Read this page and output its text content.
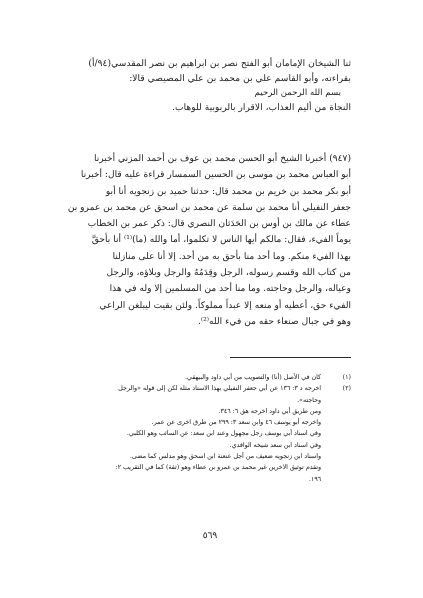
ثنا الشيخان الإمامان أبو الفتح نصر بن ابراهيم بن نصر المقدسي(٩٤/أ)
بقراءته، وأبو القاسم علي بن محمد بن علي المصيصي قالا:
بسم الله الرحمن الرحيم
النجاة من أليم العذاب، الاقرار بالربوبية للوهاب.
(٩٤٧) أخبرنا الشيخ أبو الحسن محمد بن عوف بن أحمد المزني أخبرنا
أبو العباس محمد بن موسى بن الحسين السمسار قراءة عليه قال: أخبرنا
أبو بكر محمد بن خريم بن محمد قال: حدثنا حميد بن زنجويه أنا أبو
جعفر النفيلي أنا محمد بن سلمة عن محمد بن اسحق عن محمد بن عمرو بن
عطاء عن مالك بن أوس بن الحَدَثان النصري قال: ذكر عمر بن الخطاب
يوماً الفيء، فقال: مالكم أيها الناس لا تكلموا، أما والله (ما)⁽¹⁾ أنا بأحقَّ
بهذا الفيء منكم. وما أحد منا بأحق به من أحد. إلا أنا على منازلنا
من كتاب الله وقسم رسوله، الرجل وقِدَمُهُ والرجل وبلاؤه، والرجل
وعياله، والرجل وحاجته. وما منا أحد من المسلمين إلا وله في هذا
الفيء حق، أعطيه أو منعه إلا عبداً مملوكاً. ولئن بقيت ليبلغن الراعي
وهو في جبال صنعاء حقه من فيء الله⁽²⁾.
(١)
كان في الأصل (أنا) والتصويب من أبي داود والبيهقي.
(٢)
اخرجه د ٣: ١٣٦ عن أبي جعفر النفيلي بهذا الاسناد مثله لكن إلى قوله «والرجل
وحاجته».
ومن طريق أبي داود اخرجه هق ٦: ٣٤٦.
واخرجه أبو يوسف ٤٦ وابن سعد ٣: ٢٩٩ من طرق اخرى عن عمر.
وفي اسناد أبي يوسف رجل مجهول وعند ابن سعد: عن السائب وهو الكلبي.
وفي اسناد ابن سعد شيخه الواقدي.
واسناد ابن زنجويه ضعيف من أجل عنعنة ابن اسحق وهو مدلس كما مضى.
وتقدم توثيق الاخرين غير محمد بن عمرو بن عطاء وهو (ثقة) كما في التقريب ٢:
١٩٦.
٥٦٩
